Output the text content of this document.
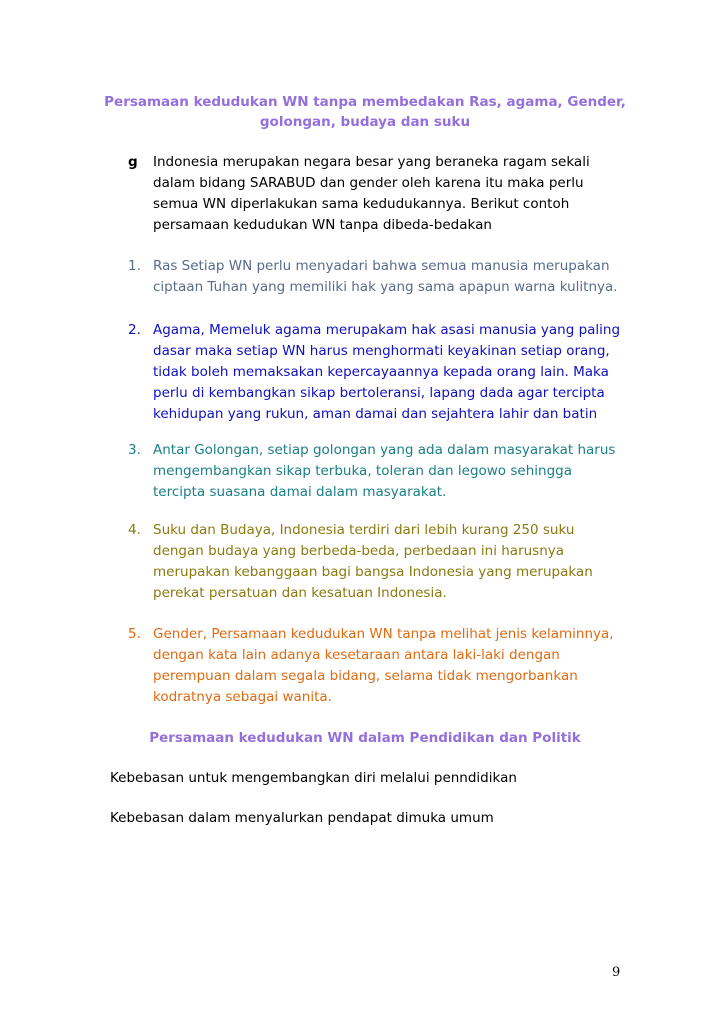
Persamaan kedudukan WN tanpa membedakan Ras, agama, Gender,
golongan, budaya dan suku
g	Indonesia merupakan negara besar yang beraneka ragam sekali
dalam bidang SARABUD dan gender oleh karena itu maka perlu
semua WN diperlakukan sama kedudukannya. Berikut contoh
persamaan kedudukan WN tanpa dibeda-bedakan
1. Ras Setiap WN perlu menyadari bahwa semua manusia merupakan
ciptaan Tuhan yang memiliki hak yang sama apapun warna kulitnya.
2. Agama, Memeluk agama merupakam hak asasi manusia yang paling
dasar maka setiap WN harus menghormati keyakinan setiap orang,
tidak boleh memaksakan kepercayaannya kepada orang lain. Maka
perlu di kembangkan sikap bertoleransi, lapang dada agar tercipta
kehidupan yang rukun, aman damai dan sejahtera lahir dan batin
3. Antar Golongan, setiap golongan yang ada dalam masyarakat harus
mengembangkan sikap terbuka, toleran dan legowo sehingga
tercipta suasana damai dalam masyarakat.
4. Suku dan Budaya, Indonesia terdiri dari lebih kurang 250 suku
dengan budaya yang berbeda-beda, perbedaan ini harusnya
merupakan kebanggaan bagi bangsa Indonesia yang merupakan
perekat persatuan dan kesatuan Indonesia.
5. Gender, Persamaan kedudukan WN tanpa melihat jenis kelaminnya,
dengan kata lain adanya kesetaraan antara laki-laki dengan
perempuan dalam segala bidang, selama tidak mengorbankan
kodratnya sebagai wanita.
Persamaan kedudukan WN dalam Pendidikan dan Politik
Kebebasan untuk mengembangkan diri melalui penndidikan
Kebebasan dalam menyalurkan pendapat dimuka umum
9
